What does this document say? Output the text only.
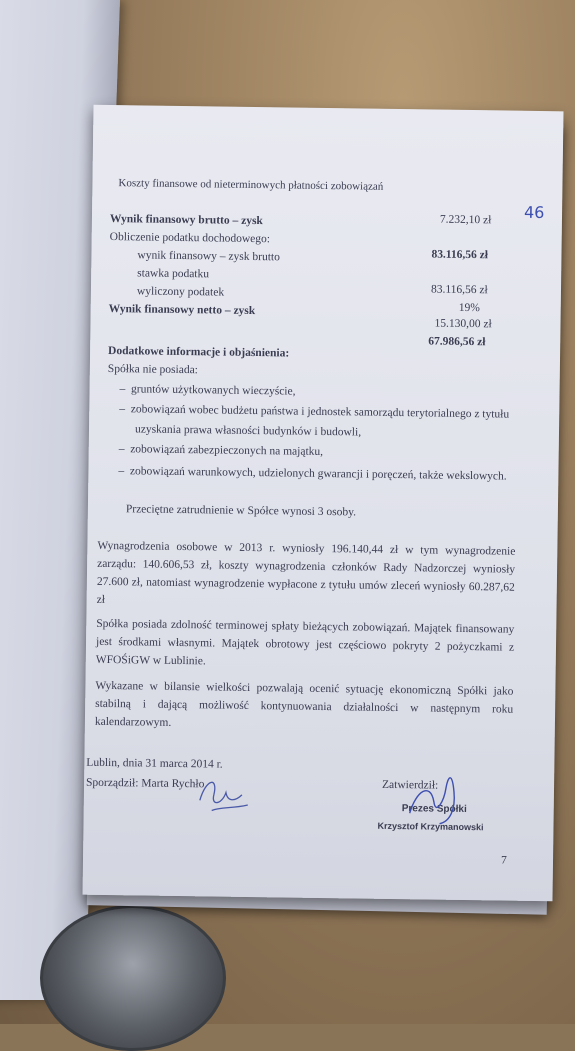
Koszty finansowe od nieterminowych płatności zobowiązań
46
Wynik finansowy brutto – zysk	7.232,10 zł
Obliczenie podatku dochodowego:
83.116,56 zł
wynik finansowy – zysk brutto
stawka podatku
83.116,56 zł
wyliczony podatek
19%
Wynik finansowy netto – zysk
15.130,00 zł
67.986,56 zł
Dodatkowe informacje i objaśnienia:
Spółka nie posiada:
–  gruntów użytkowanych wieczyście,
–  zobowiązań wobec budżetu państwa i jednostek samorządu terytorialnego z tytułu
uzyskania prawa własności budynków i budowli,
–  zobowiązań zabezpieczonych na majątku,
–  zobowiązań warunkowych, udzielonych gwarancji i poręczeń, także wekslowych.
Przeciętne zatrudnienie w Spółce wynosi 3 osoby.
Wynagrodzenia osobowe w 2013 r. wyniosły 196.140,44 zł w tym wynagrodzenie zarządu: 140.606,53 zł, koszty wynagrodzenia członków Rady Nadzorczej wyniosły 27.600 zł, natomiast wynagrodzenie wypłacone z tytułu umów zleceń wyniosły 60.287,62 zł
Spółka posiada zdolność terminowej spłaty bieżących zobowiązań. Majątek finansowany jest środkami własnymi. Majątek obrotowy jest częściowo pokryty 2 pożyczkami z WFOŚiGW w Lublinie.
Wykazane w bilansie wielkości pozwalają ocenić sytuację ekonomiczną Spółki jako stabilną i dającą możliwość kontynuowania działalności w następnym roku kalendarzowym.
Lublin, dnia 31 marca 2014 r.
Sporządził: Marta Rychło	Zatwierdził:
Prezes Spółki
Krzysztof Krzymanowski
7
